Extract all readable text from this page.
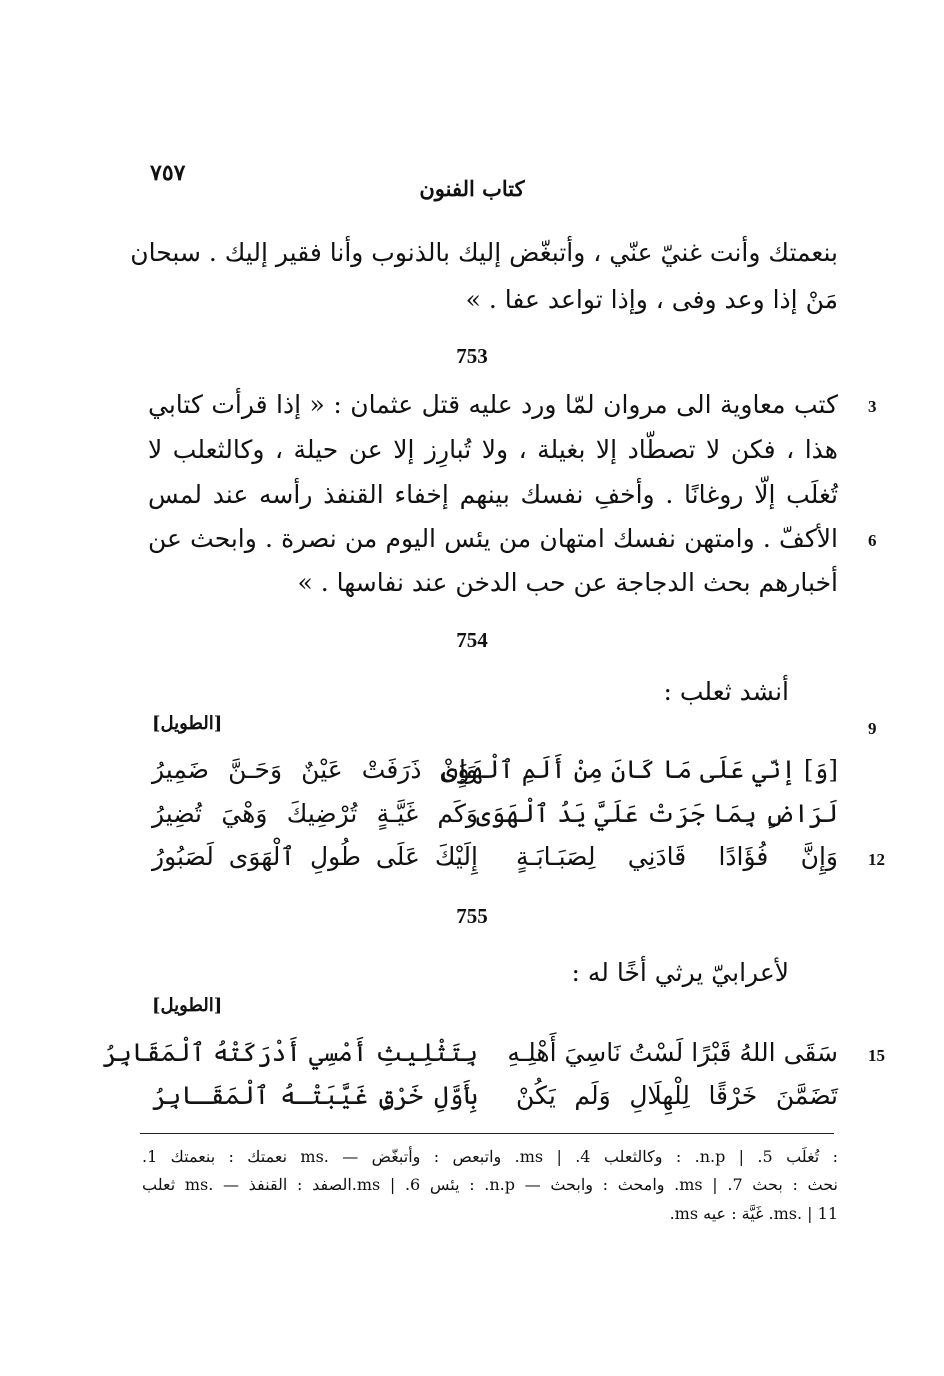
٧٥٧
كتاب الفنون
بنعمتك وأنت غنيّ عنّي ، وأتبغّض إليك بالذنوب وأنا فقير إليك . سبحان
مَنْ إذا وعد وفى ، وإذا تواعد عفا . »
753
3
كتب معاوية الى مروان لمّا ورد عليه قتل عثمان : « إذا قرأت كتابي
هذا ، فكن لا تصطّاد إلا بغيلة ، ولا تُبارِز إلا عن حيلة ، وكالثعلب لا
تُغلَب إلّا روغانًا . وأخفِ نفسك بينهم إخفاء القنفذ رأسه عند لمس
6
الأكفّ . وامتهن نفسك امتهان من يئس اليوم من نصرة . وابحث عن
أخبارهم بحث الدجاجة عن حب الدخن عند نفاسها . »
754
أنشد ثعلب :
9
[الطويل]
[وَ] إنّي عَلَى مَا كَانَ مِنْ أَلَمِ ٱلْهَوَى
وَإِنْ ذَرَفَتْ عَيْنٌ وَحَـنَّ ضَمِيرُ
لَرَاضٍ بِمَا جَرَتْ عَلَيَّ يَدُ ٱلْهَوَى
وَكَم غَيَّـةٍ تُرْضِيكَ وَهْيَ تُضِيرُ
12
وَإِنَّ فُؤَادًا قَادَنِي لِصَبَـابَـةٍ
إِلَيْكَ عَلَى طُولِ ٱلْهَوَى لَصَبُورُ
755
لأعرابيّ يرثي أخًا له :
[الطويل]
15
سَقَى اللهُ قَبْرًا لَسْتُ نَاسِيَ أَهْلِـهِ
بِتَثْلِيثِ أَمْسِي أَدْرَكَتْهُ ٱلْمَقَابِرُ
تَضَمَّنَ خَرْقًا لِلْهِلَالِ وَلَم يَكُنْ
بِأَوَّلِ خَرْقٍ غَيَّبَتْـهُ ٱلْمَقَـابِرُ
: تُغلَب 5. | n.p. : وكالثعلب 4. | ms. واتبعص : وأتبغّض — .ms نعمتك : بنعمتك 1.
نحث : بحث 7. | ms. وامحث : وابحث — n.p. : يئس 6. | ms.الصفد : القنفذ — .ms ثعلب
ms. | 11. غَيَّة : عيه ms.
